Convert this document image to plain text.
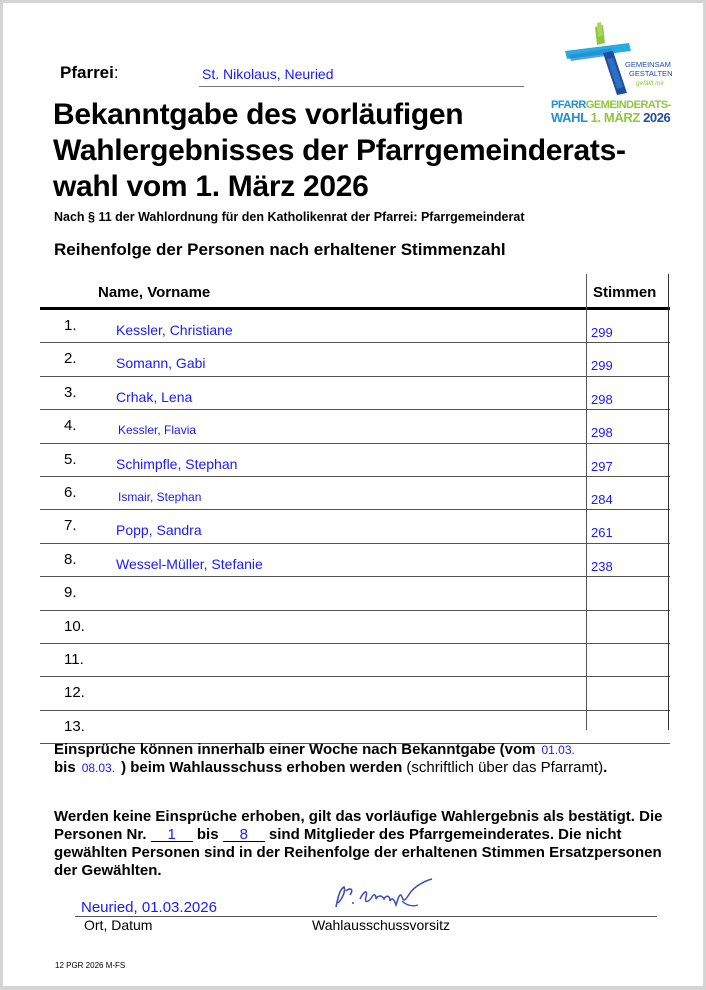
Pfarrei:	St. Nikolaus, Neuried
GEMEINSAM
GESTALTEN
gefällt mir
PFARRGEMEINDERATS-
WAHL 1. MÄRZ 2026
Bekanntgabe des vorläufigen
Wahlergebnisses der Pfarrgemeinderats-
wahl vom 1. März 2026
Nach § 11 der Wahlordnung für den Katholikenrat der Pfarrei: Pfarrgemeinderat
Reihenfolge der Personen nach erhaltener Stimmenzahl
Name, Vorname	Stimmen
1.	Kessler, Christiane	299
2.	Somann, Gabi	299
3.	Crhak, Lena	298
4.	Kessler, Flavia	298
5.	Schimpfle, Stephan	297
6.	Ismair, Stephan	284
7.	Popp, Sandra	261
8.	Wessel-Müller, Stefanie	238
9.
10.
11.
12.
13.
Einsprüche können innerhalb einer Woche nach Bekanntgabe (vom 01.03.
bis 08.03. ) beim Wahlausschuss erhoben werden (schriftlich über das Pfarramt).
Werden keine Einsprüche erhoben, gilt das vorläufige Wahlergebnis als bestätigt. Die Personen Nr. 1 bis 8 sind Mitglieder des Pfarrgemeinderates. Die nicht gewählten Personen sind in der Reihenfolge der erhaltenen Stimmen Ersatzpersonen der Gewählten.
Neuried, 01.03.2026
Ort, Datum	Wahlausschussvorsitz
12 PGR 2026 M-FS
